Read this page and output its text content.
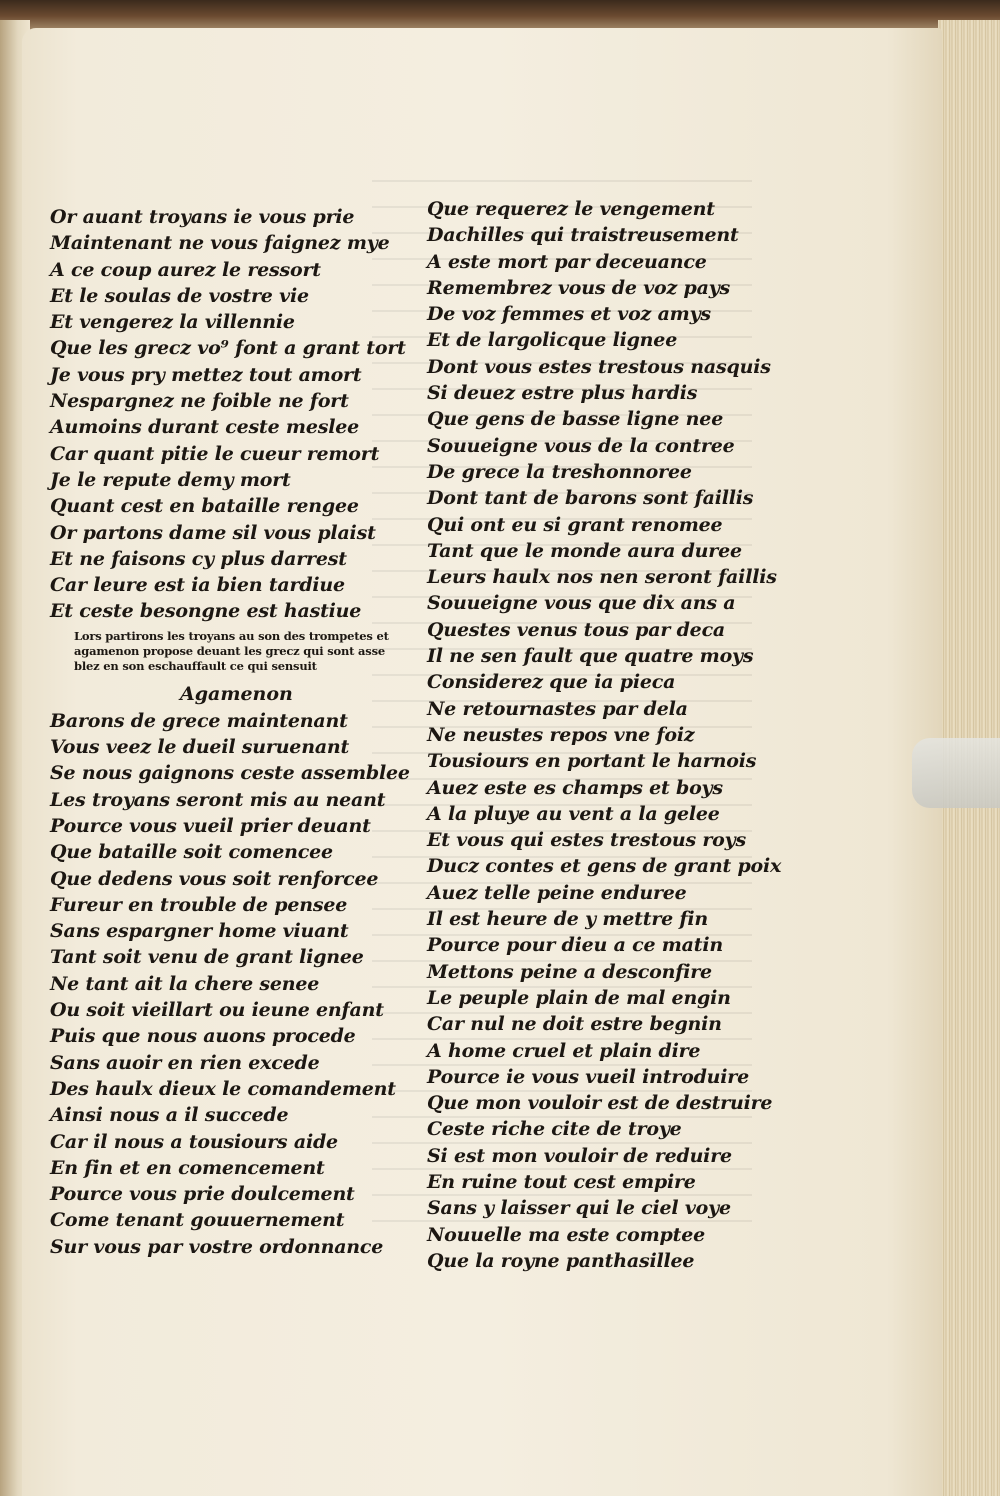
Or auant troyans ie vous prie
Maintenant ne vous faignez mye
A ce coup aurez le ressort
Et le soulas de vostre vie
Et vengerez la villennie
Que les grecz vo⁹ font a grant tort
Je vous pry mettez tout amort
Nespargnez ne foible ne fort
Aumoins durant ceste meslee
Car quant pitie le cueur remort
Je le repute demy mort
Quant cest en bataille rengee
Or partons dame sil vous plaist
Et ne faisons cy plus darrest
Car leure est ia bien tardiue
Et ceste besongne est hastiue
Lors partirons les troyans au son des trompetes et agamenon propose deuant les grecz qui sont asse blez en son eschauffault ce qui sensuit
Agamenon
Barons de grece maintenant
Vous veez le dueil suruenant
Se nous gaignons ceste assemblee
Les troyans seront mis au neant
Pource vous vueil prier deuant
Que bataille soit comencee
Que dedens vous soit renforcee
Fureur en trouble de pensee
Sans espargner home viuant
Tant soit venu de grant lignee
Ne tant ait la chere senee
Ou soit vieillart ou ieune enfant
Puis que nous auons procede
Sans auoir en rien excede
Des haulx dieux le comandement
Ainsi nous a il succede
Car il nous a tousiours aide
En fin et en comencement
Pource vous prie doulcement
Come tenant gouuernement
Sur vous par vostre ordonnance
Que requerez le vengement
Dachilles qui traistreusement
A este mort par deceuance
Remembrez vous de voz pays
De voz femmes et voz amys
Et de largolicque lignee
Dont vous estes trestous nasquis
Si deuez estre plus hardis
Que gens de basse ligne nee
Souueigne vous de la contree
De grece la treshonnoree
Dont tant de barons sont faillis
Qui ont eu si grant renomee
Tant que le monde aura duree
Leurs haulx nos nen seront faillis
Souueigne vous que dix ans a
Questes venus tous par deca
Il ne sen fault que quatre moys
Considerez que ia pieca
Ne retournastes par dela
Ne neustes repos vne foiz
Tousiours en portant le harnois
Auez este es champs et boys
A la pluye au vent a la gelee
Et vous qui estes trestous roys
Ducz contes et gens de grant poix
Auez telle peine enduree
Il est heure de y mettre fin
Pource pour dieu a ce matin
Mettons peine a desconfire
Le peuple plain de mal engin
Car nul ne doit estre begnin
A home cruel et plain dire
Pource ie vous vueil introduire
Que mon vouloir est de destruire
Ceste riche cite de troye
Si est mon vouloir de reduire
En ruine tout cest empire
Sans y laisser qui le ciel voye
Nouuelle ma este comptee
Que la royne panthasillee
